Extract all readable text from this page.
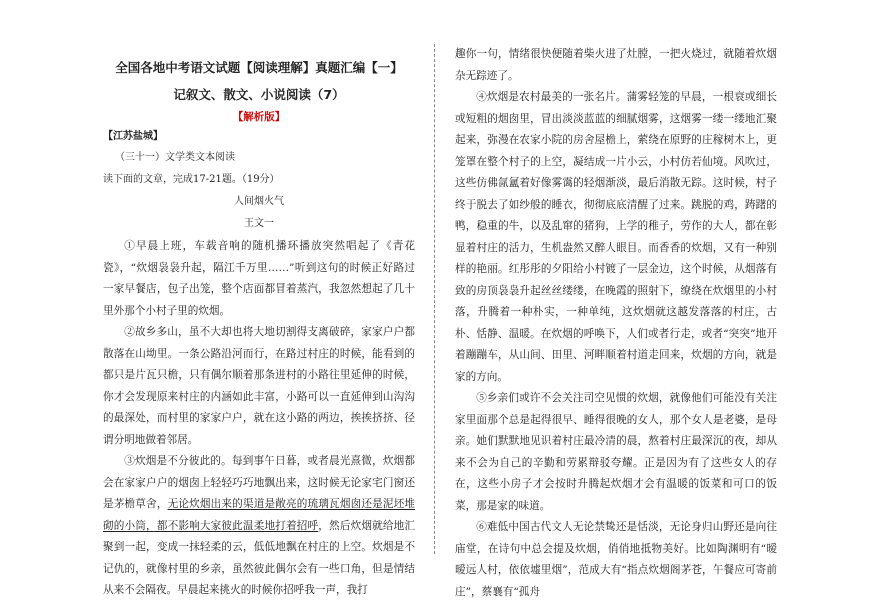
全国各地中考语文试题【阅读理解】真题汇编【一】
记叙文、散文、小说阅读（7）
【解析版】
【江苏盐城】
（三十一）文学类文本阅读
读下面的文章，完成17-21题。（19分）
人间烟火气
王文一

①早晨上班，车载音响的随机播环播放突然唱起了《青花瓷》，“炊烟袅袅升起，隔江千万里……”听到这句的时候正好路过一家早餐店，包子出笼，整个店面都冒着蒸汽，我忽然想起了几十里外那个小村子里的炊烟。

②故乡多山，虽不大却也将大地切割得支离破碎，家家户户都散落在山坳里。一条公路沿河而行，在路过村庄的时候，能看到的都只是片瓦只檐，只有偶尔顺着那条进村的小路往里延伸的时候，你才会发现原来村庄的内涵如此丰富，小路可以一直延伸到山沟沟的最深处，而村里的家家户户，就在这小路的两边，挨挨挤挤、径谓分明地做着邻居。

③炊烟是不分彼此的。每到事午日暮，或者晨光熹微，炊烟都会在家家户户的烟囱上轻轻巧巧地飘出来，这时候无论家宅门窗还是茅檐草舍，无论炊烟出来的渠道是敞亮的琉璃瓦烟囱还是泥坯堆砌的小筒，都不影响大家彼此温柔地打着招呼，然后炊烟就给地汇聚到一起，变成一抹轻柔的云，低低地飘在村庄的上空。炊烟是不记仇的，就像村里的乡亲，虽然彼此偶尔会有一些口角，但是情结从来不会隔夜。早晨起来挑火的时候你招呼我一声，我打

趣你一句，情绪很快便随着柴火进了灶膛，一把火烧过，就随着炊烟杂无踪迹了。

④炊烟是农村最美的一张名片。蒲雾轻笼的早晨，一根衰或细长或短粗的烟囱里，冒出淡淡蓝蓝的细腻烟雾，这烟雾一缕一缕地汇聚起来，弥漫在农家小院的房舍屋檐上，萦绕在原野的庄稼树木上，更笼罩在整个村子的上空，凝结成一片小云，小村仿若仙境。风吹过，这些仿佛氤氲着好像雾霭的轻烟渐淡，最后消散无踪。这时候，村子终于脱去了如纱般的睡衣，彻彻底底清醒了过来。跳脱的鸡，踌躇的鸭，稳重的牛，以及乱窜的猪狗，上学的稚子，劳作的大人，都在彰显着村庄的活力，生机盎然又醉人眼目。而香香的炊烟，又有一种别样的艳丽。红彤彤的夕阳给小村镀了一层金边，这个时候，从烟落有致的房顶袅袅升起丝丝缕缕，在晚霞的照射下，缭绕在炊烟里的小村落，升腾着一种朴实，一种单纯，这炊烟就这越发落落的村庄，古朴、恬静、温暖。在炊烟的呼唤下，人们或者行走，或者“突突”地开着蹦蹦车，从山间、田里、河畔顺着村道走回来，炊烟的方向，就是家的方向。

⑤乡亲们或许不会关注司空见惯的炊烟，就像他们可能没有关注家里面那个总是起得很早、睡得很晚的女人，那个女人是老婆，是母亲。她们默默地见识着村庄最冷清的晨，熬着村庄最深沉的夜，却从来不会为自己的辛勤和劳累辩驳夸耀。正是因为有了这些女人的存在，这些小房子才会按时升腾起炊烟才会有温暖的饭菜和可口的饭菜，那是家的味道。

⑥难低中国古代文人无论禁鸷还是恬淡，无论身归山野还是向往庙堂，在诗句中总会提及炊烟，俏俏地抵物美好。比如陶渊明有“暧暧远人村，依依墟里烟”，范成大有“指点炊烟阁茅苍，午餐应可寄前庄”，蔡襄有“孤舟
